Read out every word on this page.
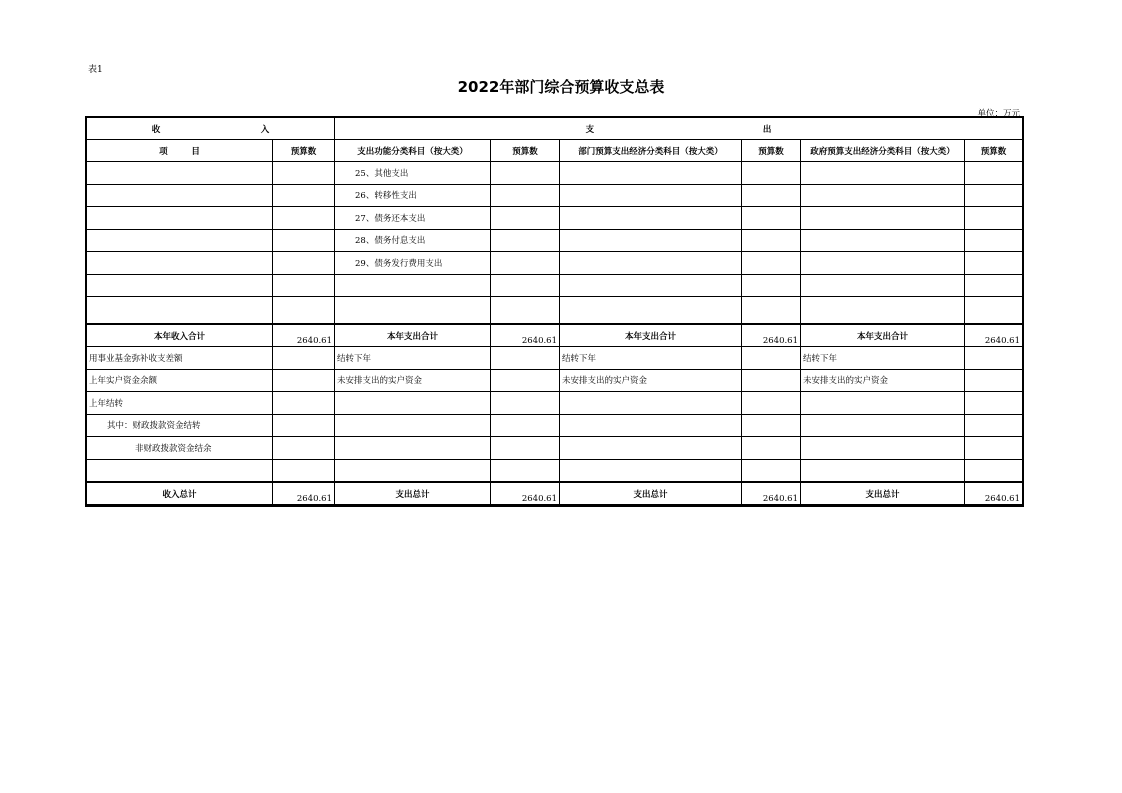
表1
2022年部门综合预算收支总表
单位：万元
收                                  入		支                                                         出					
项        目	预算数	支出功能分类科目（按大类）	预算数	部门预算支出经济分类科目（按大类）	预算数	政府预算支出经济分类科目（按大类）	预算数
		25、其他支出					
		26、转移性支出					
		27、债务还本支出					
		28、债务付息支出					
		29、债务发行费用支出					

本年收入合计	2640.61	本年支出合计	2640.61	本年支出合计	2640.61	本年支出合计	2640.61
用事业基金弥补收支差额		结转下年		结转下年		结转下年	
上年实户资金余额		未安排支出的实户资金		未安排支出的实户资金		未安排支出的实户资金	
上年结转							
其中：财政拨款资金结转							
非财政拨款资金结余							

收入总计	2640.61	支出总计	2640.61	支出总计	2640.61	支出总计	2640.61
